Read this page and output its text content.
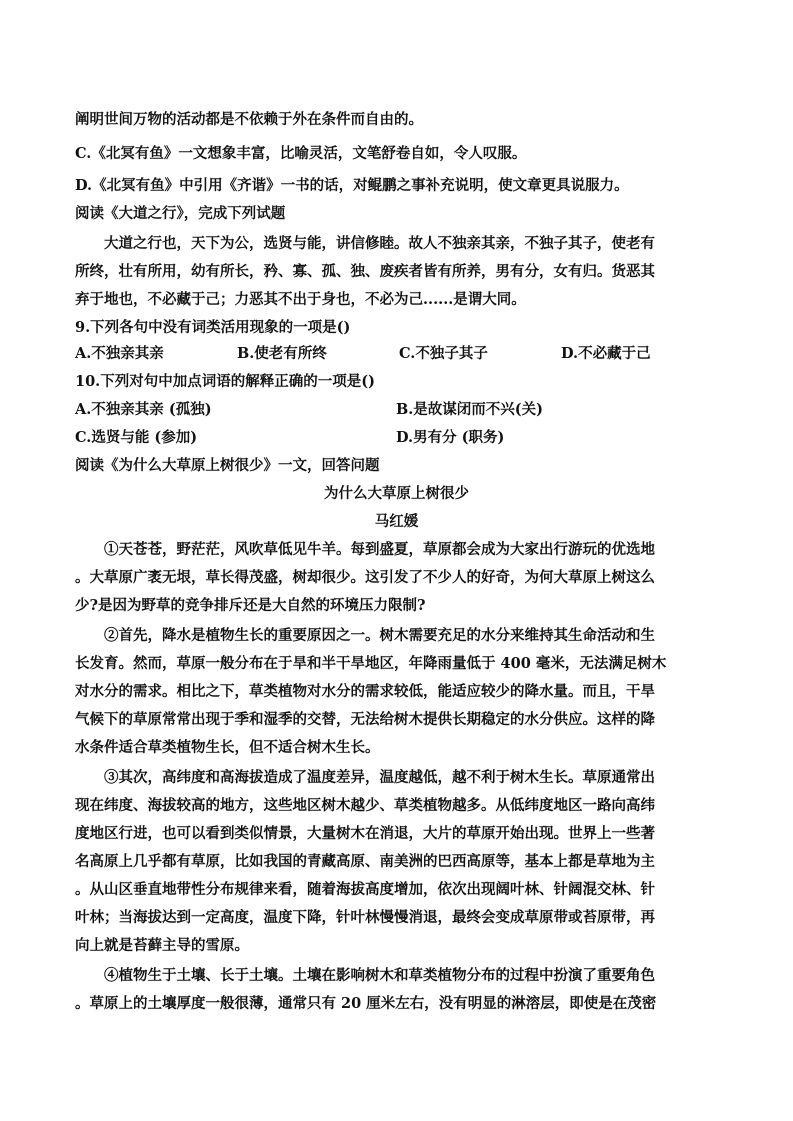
阐明世间万物的活动都是不依赖于外在条件而自由的。
C.《北冥有鱼》一文想象丰富，比喻灵活，文笔舒卷自如，令人叹服。
D.《北冥有鱼》中引用《齐谐》一书的话，对鲲鹏之事补充说明，使文章更具说服力。
阅读《大道之行》，完成下列试题
大道之行也，天下为公，选贤与能，讲信修睦。故人不独亲其亲，不独子其子，使老有
所终，壮有所用，幼有所长，矜、寡、孤、独、废疾者皆有所养，男有分，女有归。货恶其
弃于地也，不必藏于己；力恶其不出于身也，不必为己......是谓大同。
9.下列各句中没有词类活用现象的一项是()
A.不独亲其亲	B.使老有所终	C.不独子其子	D.不必藏于己
10.下列对句中加点词语的解释正确的一项是()
A.不独亲其亲 (孤独)	B.是故谋闭而不兴(关)
C.选贤与能 (参加)	D.男有分 (职务)
阅读《为什么大草原上树很少》一文，回答问题
为什么大草原上树很少
马红媛
①天苍苍，野茫茫，风吹草低见牛羊。每到盛夏，草原都会成为大家出行游玩的优选地
。大草原广袤无垠，草长得茂盛，树却很少。这引发了不少人的好奇，为何大草原上树这么
少?是因为野草的竞争排斥还是大自然的环境压力限制?
②首先，降水是植物生长的重要原因之一。树木需要充足的水分来维持其生命活动和生
长发育。然而，草原一般分布在于旱和半干旱地区，年降雨量低于 400 毫米，无法满足树木
对水分的需求。相比之下，草类植物对水分的需求较低，能适应较少的降水量。而且，干旱
气候下的草原常常出现于季和湿季的交替，无法给树木提供长期稳定的水分供应。这样的降
水条件适合草类植物生长，但不适合树木生长。
③其次，高纬度和高海拔造成了温度差异，温度越低，越不利于树木生长。草原通常出
现在纬度、海拔较高的地方，这些地区树木越少、草类植物越多。从低纬度地区一路向高纬
度地区行进，也可以看到类似情景，大量树木在消退，大片的草原开始出现。世界上一些著
名高原上几乎都有草原，比如我国的青藏高原、南美洲的巴西高原等，基本上都是草地为主
。从山区垂直地带性分布规律来看，随着海拔高度增加，依次出现阔叶林、针阔混交林、针
叶林；当海拔达到一定高度，温度下降，针叶林慢慢消退，最终会变成草原带或苔原带，再
向上就是苔藓主导的雪原。
④植物生于土壤、长于土壤。土壤在影响树木和草类植物分布的过程中扮演了重要角色
。草原上的土壤厚度一般很薄，通常只有 20 厘米左右，没有明显的淋溶层，即使是在茂密
